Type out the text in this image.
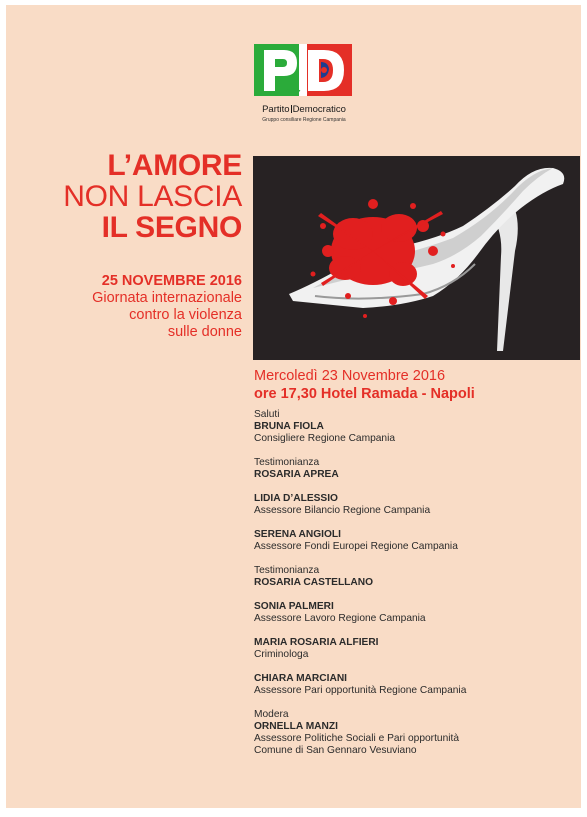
Partito Democratico
Gruppo consiliare Regione Campania
L’AMORE
NON LASCIA
IL SEGNO
25 NOVEMBRE 2016
Giornata internazionale
contro la violenza
sulle donne
Mercoledì 23 Novembre 2016
ore 17,30 Hotel Ramada - Napoli
Saluti
BRUNA FIOLA
Consigliere Regione Campania
Testimonianza
ROSARIA APREA
LIDIA D’ALESSIO
Assessore Bilancio Regione Campania
SERENA ANGIOLI
Assessore Fondi Europei Regione Campania
Testimonianza
ROSARIA CASTELLANO
SONIA PALMERI
Assessore Lavoro Regione Campania
MARIA ROSARIA ALFIERI
Criminologa
CHIARA MARCIANI
Assessore Pari opportunità Regione Campania
Modera
ORNELLA MANZI
Assessore Politiche Sociali e Pari opportunità
Comune di San Gennaro Vesuviano
